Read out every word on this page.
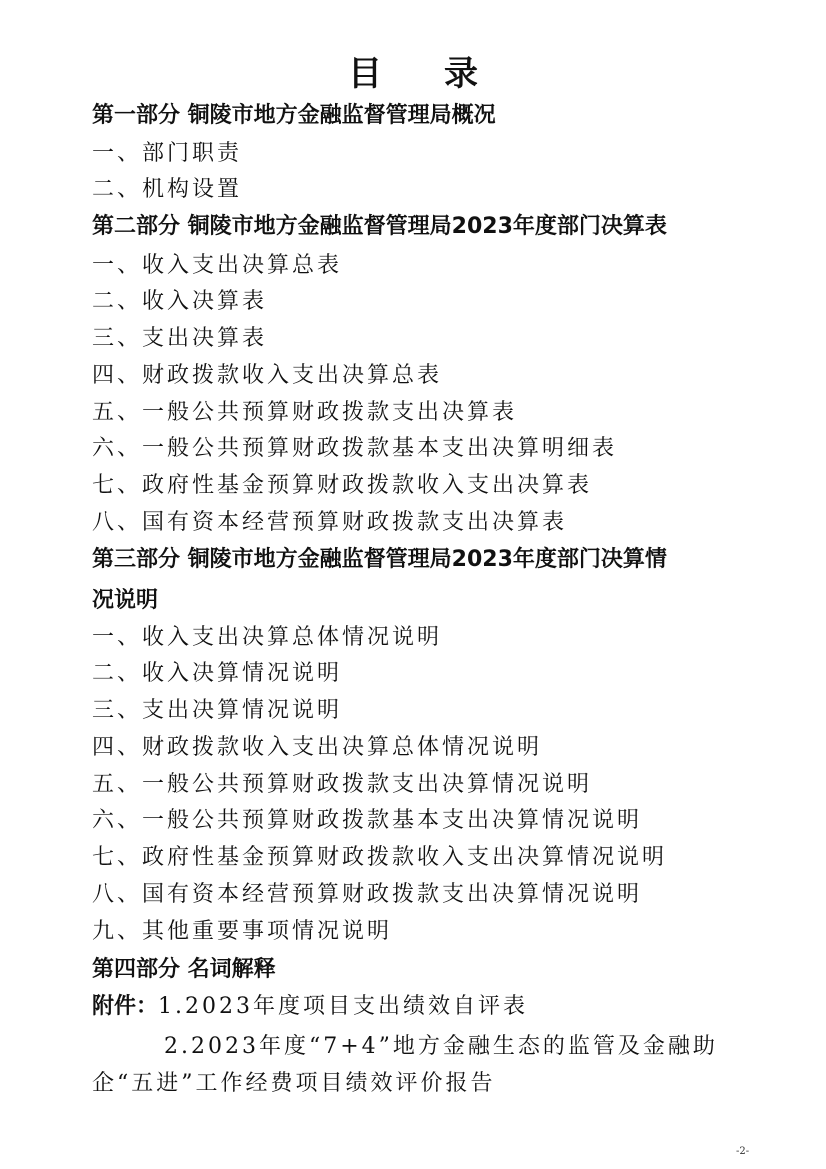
目录
第一部分 铜陵市地方金融监督管理局概况
一、部门职责
二、机构设置
第二部分 铜陵市地方金融监督管理局2023年度部门决算表
一、收入支出决算总表
二、收入决算表
三、支出决算表
四、财政拨款收入支出决算总表
五、一般公共预算财政拨款支出决算表
六、一般公共预算财政拨款基本支出决算明细表
七、政府性基金预算财政拨款收入支出决算表
八、国有资本经营预算财政拨款支出决算表
第三部分 铜陵市地方金融监督管理局2023年度部门决算情
况说明
一、收入支出决算总体情况说明
二、收入决算情况说明
三、支出决算情况说明
四、财政拨款收入支出决算总体情况说明
五、一般公共预算财政拨款支出决算情况说明
六、一般公共预算财政拨款基本支出决算情况说明
七、政府性基金预算财政拨款收入支出决算情况说明
八、国有资本经营预算财政拨款支出决算情况说明
九、其他重要事项情况说明
第四部分 名词解释
附件：1.2023年度项目支出绩效自评表
2.2023年度“7+4”地方金融生态的监管及金融助
企“五进”工作经费项目绩效评价报告
-2-
